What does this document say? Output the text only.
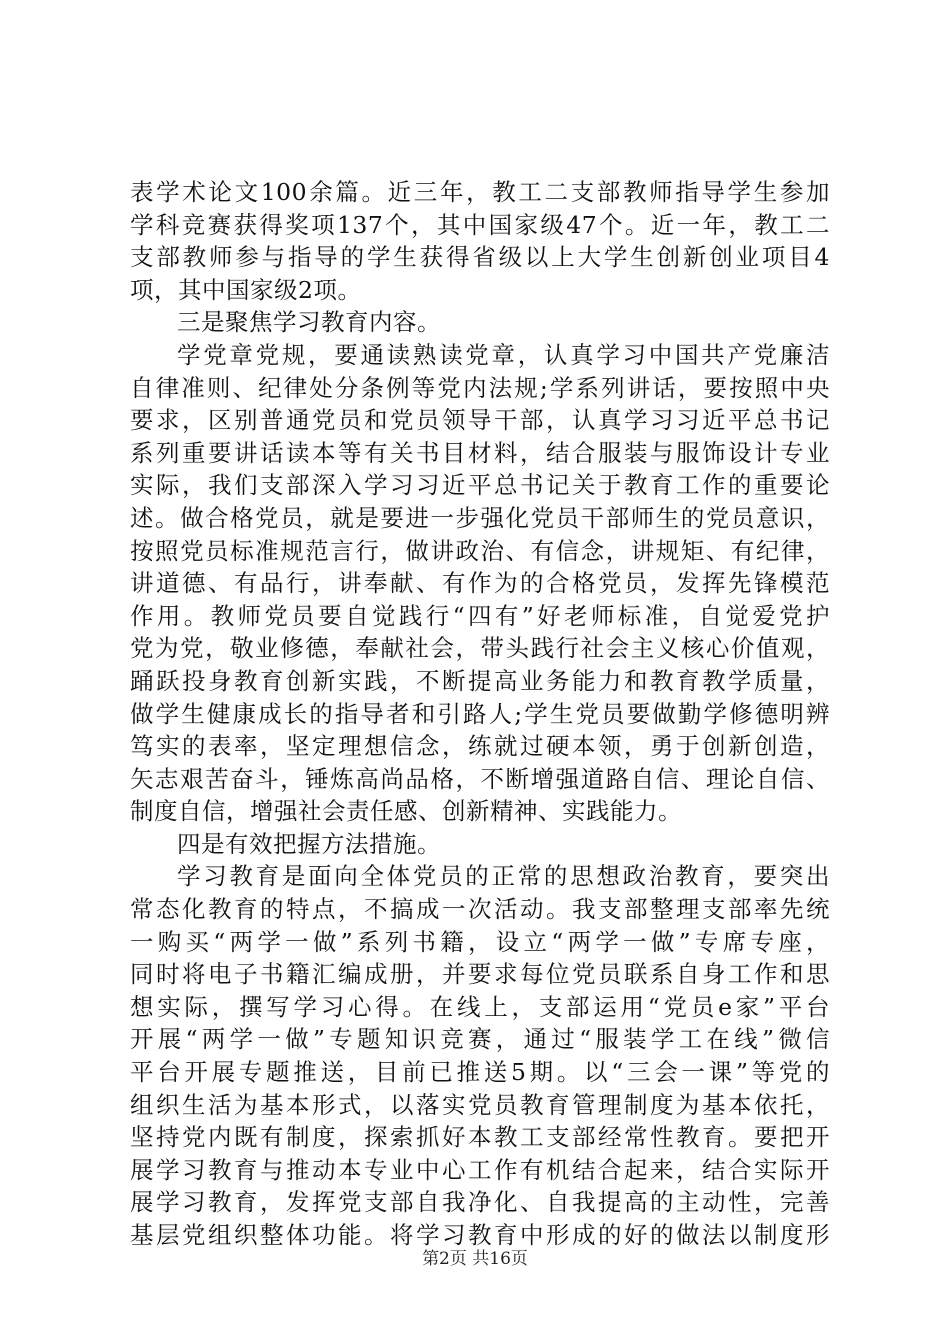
表学术论文100余篇。近三年，教工二支部教师指导学生参加
学科竞赛获得奖项137个，其中国家级47个。近一年，教工二
支部教师参与指导的学生获得省级以上大学生创新创业项目4
项，其中国家级2项。
三是聚焦学习教育内容。
学党章党规，要通读熟读党章，认真学习中国共产党廉洁
自律准则、纪律处分条例等党内法规;学系列讲话，要按照中央
要求，区别普通党员和党员领导干部，认真学习习近平总书记
系列重要讲话读本等有关书目材料，结合服装与服饰设计专业
实际，我们支部深入学习习近平总书记关于教育工作的重要论
述。做合格党员，就是要进一步强化党员干部师生的党员意识，
按照党员标准规范言行，做讲政治、有信念，讲规矩、有纪律，
讲道德、有品行，讲奉献、有作为的合格党员，发挥先锋模范
作用。教师党员要自觉践行“四有”好老师标准，自觉爱党护
党为党，敬业修德，奉献社会，带头践行社会主义核心价值观，
踊跃投身教育创新实践，不断提高业务能力和教育教学质量，
做学生健康成长的指导者和引路人;学生党员要做勤学修德明辨
笃实的表率，坚定理想信念，练就过硬本领，勇于创新创造，
矢志艰苦奋斗，锤炼高尚品格，不断增强道路自信、理论自信、
制度自信，增强社会责任感、创新精神、实践能力。
四是有效把握方法措施。
学习教育是面向全体党员的正常的思想政治教育，要突出
常态化教育的特点，不搞成一次活动。我支部整理支部率先统
一购买“两学一做”系列书籍，设立“两学一做”专席专座，
同时将电子书籍汇编成册，并要求每位党员联系自身工作和思
想实际，撰写学习心得。在线上，支部运用“党员e家”平台
开展“两学一做”专题知识竞赛，通过“服装学工在线”微信
平台开展专题推送，目前已推送5期。以“三会一课”等党的
组织生活为基本形式，以落实党员教育管理制度为基本依托，
坚持党内既有制度，探索抓好本教工支部经常性教育。要把开
展学习教育与推动本专业中心工作有机结合起来，结合实际开
展学习教育，发挥党支部自我净化、自我提高的主动性，完善
基层党组织整体功能。将学习教育中形成的好的做法以制度形
第2页 共16页
